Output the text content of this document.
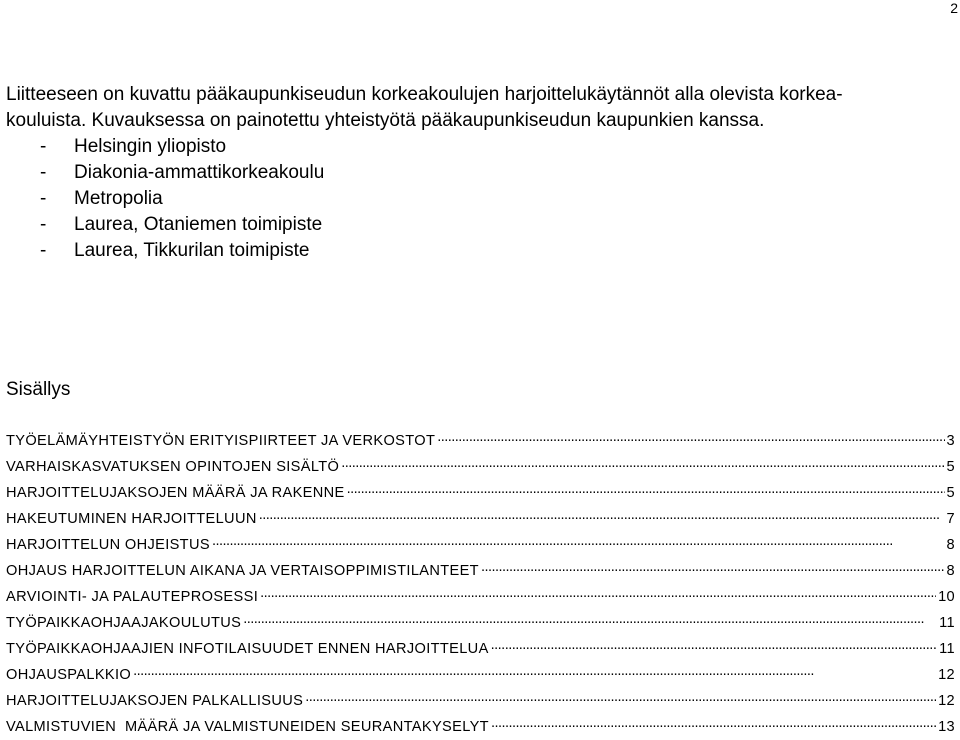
2

Liitteeseen on kuvattu pääkaupunkiseudun korkeakoulujen harjoittelukäytännöt alla olevista korkea-
kouluista. Kuvauksessa on painotettu yhteistyötä pääkaupunkiseudun kaupunkien kanssa.

-	Helsingin yliopisto
-	Diakonia-ammattikorkeakoulu
-	Metropolia
-	Laurea, Otaniemen toimipiste
-	Laurea, Tikkurilan toimipiste
Sisällys
TYÖELÄMÄYHTEISTYÖN ERITYISPIIRTEET JA VERKOSTOT . . .	3
VARHAISKASVATUKSEN OPINTOJEN SISÄLTÖ . . .	5
HARJOITTELUJAKSOJEN MÄÄRÄ JA RAKENNE . . .	5
HAKEUTUMINEN HARJOITTELUUN . . .	7
HARJOITTELUN OHJEISTUS . . .	8
OHJAUS HARJOITTELUN AIKANA JA VERTAISOPPIMISTILANTEET . . .	8
ARVIOINTI- JA PALAUTEPROSESSI . . .	10
TYÖPAIKKAOHJAAJAKOULUTUS . . .	11
TYÖPAIKKAOHJAAJIEN INFOTILAISUUDET ENNEN HARJOITTELUA . . .	11
OHJAUSPALKKIO . . .	12
HARJOITTELUJAKSOJEN PALKALLISUUS . . .	12
VALMISTUVIEN  MÄÄRÄ JA VALMISTUNEIDEN SEURANTAKYSELYT . . .	13
